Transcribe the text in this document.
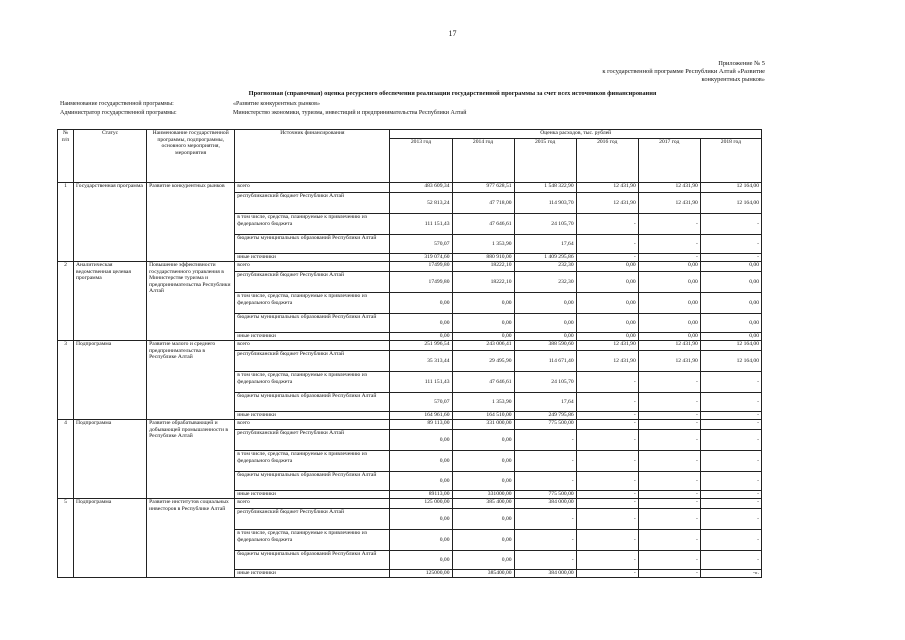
17
Приложение № 5
к государственной программе Республики Алтай «Развитие
конкурентных рынков»
Прогнозная (справочная) оценка ресурсного обеспечения реализации государственной программы за счет всех источников финансирования
Наименование государственной программы:	«Развитие конкурентных рынков»
Администратор государственной программы:	Министерство экономики, туризма, инвестиций и предпринимательства Республики Алтай
№ п/п	Статус	Наименование государственной программы, подпрограммы, основного мероприятия, мероприятия	Источник финансирования	Оценка расходов, тыс. рублей					
				2013 год	2014 год	2015 год	2016 год	2017 год	2018 год
1	Государственная программа	Развитие конкурентных рынков	всего	483 609,34	977 628,51	1 548 322,90	12 431,90	12 431,90	12 164,00
			республиканский бюджет Республики Алтай	52 813,24	47 718,00	114 903,70	12 431,90	12 431,90	12 164,00
			в том числе, средства, планируемые к привлечению из федерального бюджета	111 151,43	47 646,61	24 105,70	-	-	-
			бюджеты муниципальных образований Республики Алтай	570,07	1 353,90	17,64	-	-	-
			иные источники	319 074,60	880 910,00	1 409 295,86	-	-	-
2	Аналитическая ведомственная целевая программа	Повышение эффективности государственного управления в Министерстве туризма и предпринимательства Республики Алтай	всего	17499,80	18222,10	232,30	0,00	0,00	0,00
			республиканский бюджет Республики Алтай	17499,80	18222,10	232,30	0,00	0,00	0,00
			в том числе, средства, планируемые к привлечению из федерального бюджета	0,00	0,00	0,00	0,00	0,00	0,00
			бюджеты муниципальных образований Республики Алтай	0,00	0,00	0,00	0,00	0,00	0,00
			иные источники	0,00	0,00	0,00	0,00	0,00	0,00
3	Подпрограмма	Развитие малого и среднего предпринимательства в Республике Алтай	всего	251 996,54	243 006,41	388 590,60	12 431,90	12 431,90	12 164,00
			республиканский бюджет Республики Алтай	35 313,44	29 495,90	114 671,40	12 431,90	12 431,90	12 164,00
			в том числе, средства, планируемые к привлечению из федерального бюджета	111 151,43	47 646,61	24 105,70	-	-	-
			бюджеты муниципальных образований Республики Алтай	570,07	1 353,90	17,64	-	-	-
			иные источники	164 961,60	164 510,00	249 795,86	-	-	-
4	Подпрограмма	Развитие обрабатывающей и добывающей промышленности в Республике Алтай	всего	89 113,00	331 000,00	775 500,00	-	-	-
			республиканский бюджет Республики Алтай	0,00	0,00	-	-	-	-
			в том числе, средства, планируемые к привлечению из федерального бюджета	0,00	0,00	-	-	-	-
			бюджеты муниципальных образований Республики Алтай	0,00	0,00	-	-	-	-
			иные источники	89113,00	331000,00	775 500,00	-	-	-
5	Подпрограмма	Развитие институтов социальных инвесторов в Республике Алтай	всего	125 000,00	385 400,00	384 000,00	-	-	-
			республиканский бюджет Республики Алтай	0,00	0,00	-	-	-	-
			в том числе, средства, планируемые к привлечению из федерального бюджета	0,00	0,00	-	-	-	-
			бюджеты муниципальных образований Республики Алтай	0,00	0,00	-	-	-	-
			иные источники	125000,00	385400,00	384 000,00	-	-	-».
